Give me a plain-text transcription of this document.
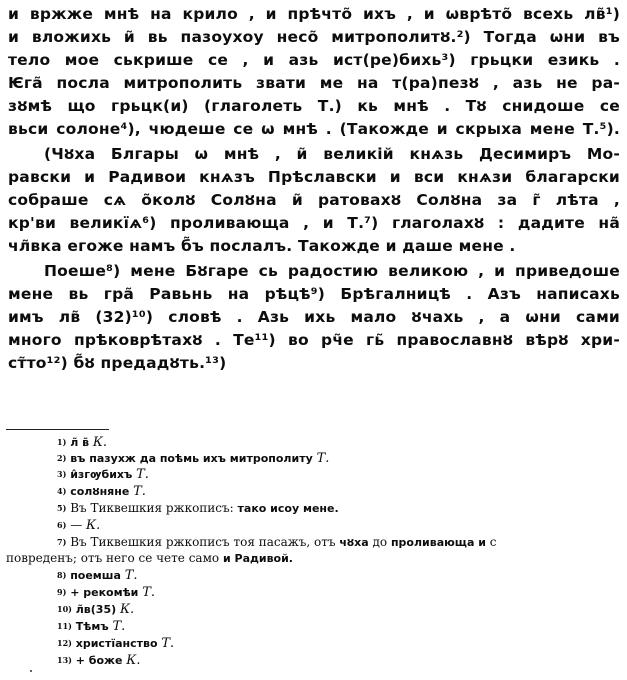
и вржже мнѣ на крило , и прѣчто̃ ихъ , и ѡврѣто̃ всехь лв̃¹)
и вложихь и̃ вь пазоухоу несо̃ митрополитȣ.²) Тогда ѡни въ
тело мое ськрише се , и азь ист(ре)бихь³) грьцки езикь .
Ѥга̃ посла митрополить звати ме на т(ра)пезȣ , азь не ра-
зȣмѣ що грьцк(и) (глаголеть Т.) кь мнѣ . Тȣ снидоше се
вьси солоне⁴), чюдеше се ѡ мнѣ . (Такожде и скрыха мене Т.⁵).
(Чȣха Блгары ѡ мнѣ , и̃ великій кнѧзь Десимиръ Мо-
равски и Радивои кнѧзъ Прѣславски и вси кнѧзи благарски
собраше сѧ о̃колȣ Солȣна и̃ ратовахȣ Солȣна за г̃ лѣта ,
кр'ви великїѧ⁶) проливающа , и Т.⁷) глаголахȣ : дадите на̃
чл̃вка егоже намъ б̃ъ послалъ. Такожде и даше мене .
Поеше⁸) мене Бȣгаре сь радостию великою , и приведоше
мене вь гра̃ Равьнь на рѣцѣ⁹) Брѣгалницѣ . Азъ написахь
имъ лв̃ (32)¹⁰) словѣ . Азь ихь мало ȣчахь , а ѡни сами
много прѣковрѣтахȣ . Те¹¹) во рч̃е гь̃ православнȣ вѣрȣ хри-
ст̃то¹²) б̃ȣ предадȣть.¹³)
$^{1)}$ л̃ в̃ К.
$^{2)}$ въ пазухж да поѣмь ихъ митрополиту Т.
$^{3)}$ и̂згѹбихъ Т.
$^{4)}$ солȣняне Т.
$^{5)}$ Въ Тиквешкия ржкописъ: тако исоу мене.
$^{6)}$ — К.
$^{7)}$ Въ Тиквешкия ржкописъ тоя пасажъ, отъ чȣха до проливающа и с
повреденъ; отъ него се чете само и Радивой.
$^{8)}$ поемша Т.
$^{9)}$ + рекомѣи Т.
$^{10)}$ л̃в(35) К.
$^{11)}$ Тѣмъ Т.
$^{12)}$ христїанство Т.
$^{13)}$ + боже К.
